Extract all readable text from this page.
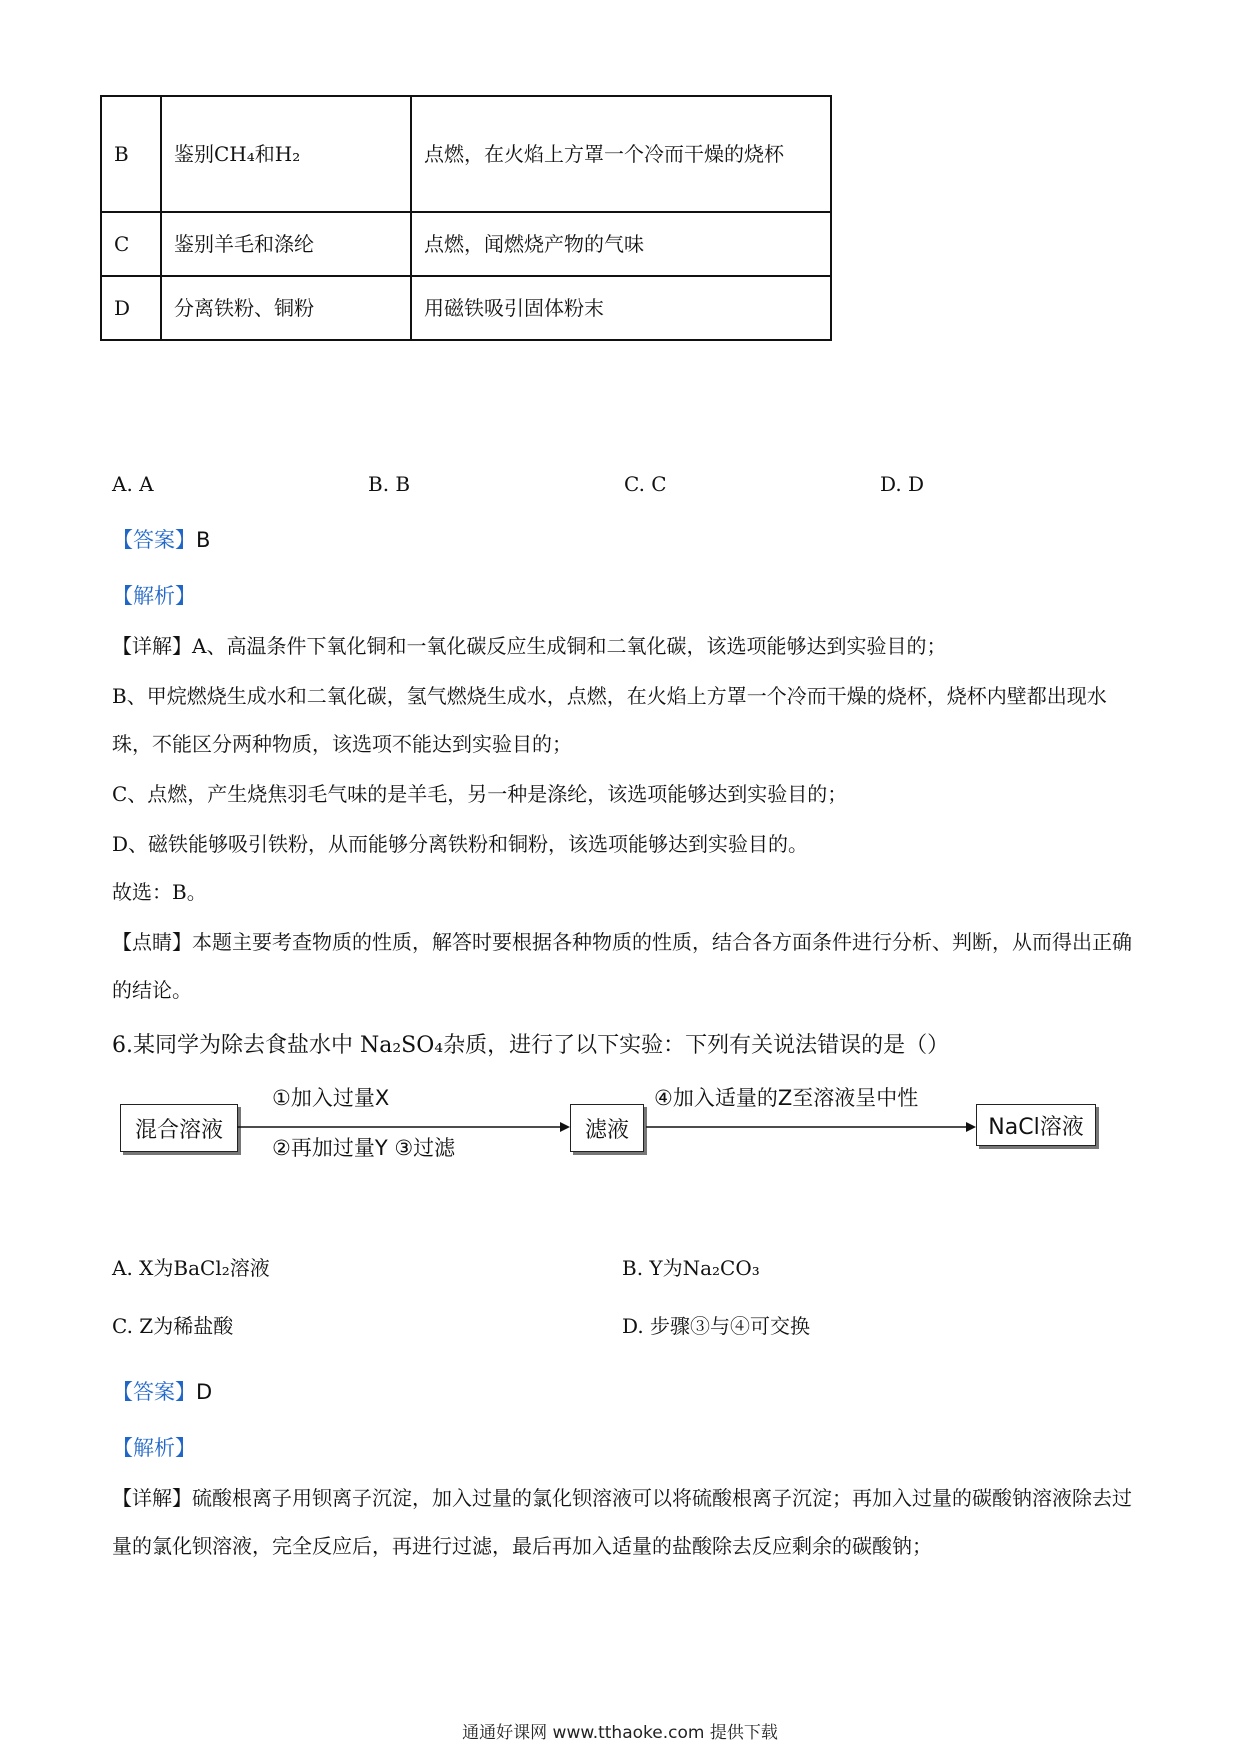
B	鉴别CH₄和H₂	点燃，在火焰上方罩一个冷而干燥的烧杯
C	鉴别羊毛和涤纶	点燃，闻燃烧产物的气味
D	分离铁粉、铜粉	用磁铁吸引固体粉末
A. A	B. B	C. C	D. D
【答案】B
【解析】
【详解】A、高温条件下氧化铜和一氧化碳反应生成铜和二氧化碳，该选项能够达到实验目的；
B、甲烷燃烧生成水和二氧化碳，氢气燃烧生成水，点燃，在火焰上方罩一个冷而干燥的烧杯，烧杯内壁都出现水珠，不能区分两种物质，该选项不能达到实验目的；
C、点燃，产生烧焦羽毛气味的是羊毛，另一种是涤纶，该选项能够达到实验目的；
D、磁铁能够吸引铁粉，从而能够分离铁粉和铜粉，该选项能够达到实验目的。
故选：B。
【点睛】本题主要考查物质的性质，解答时要根据各种物质的性质，结合各方面条件进行分析、判断，从而得出正确的结论。
6.某同学为除去食盐水中 Na₂SO₄杂质，进行了以下实验：下列有关说法错误的是（）
混合溶液	滤液	NaCl溶液
①加入过量X
②再加过量Y ③过滤
④加入适量的Z至溶液呈中性
A. X为BaCl₂溶液	B. Y为Na₂CO₃
C. Z为稀盐酸	D. 步骤③与④可交换
【答案】D
【解析】
【详解】硫酸根离子用钡离子沉淀，加入过量的氯化钡溶液可以将硫酸根离子沉淀；再加入过量的碳酸钠溶液除去过量的氯化钡溶液，完全反应后，再进行过滤，最后再加入适量的盐酸除去反应剩余的碳酸钠；
通通好课网 www.tthaoke.com 提供下载
